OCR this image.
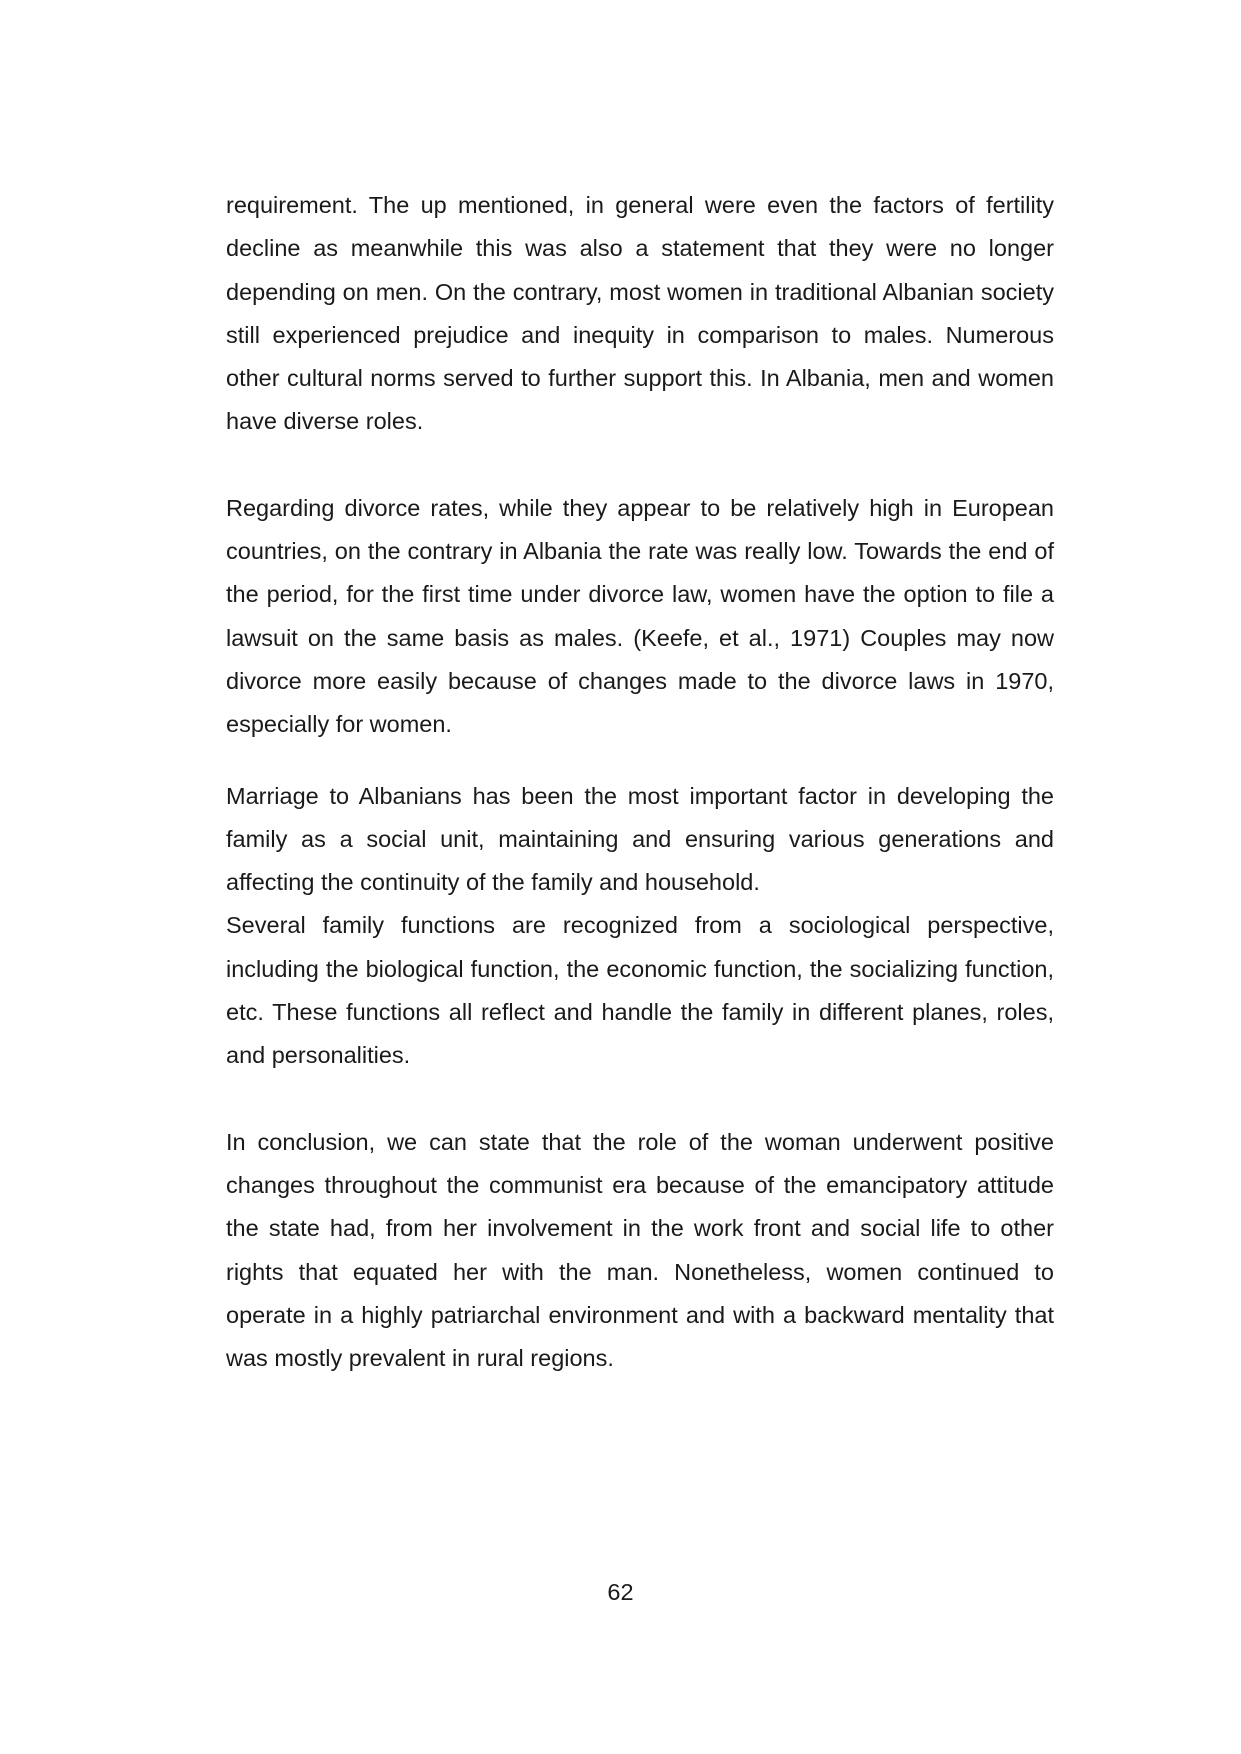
requirement. The up mentioned, in general were even the factors of fertility decline as meanwhile this was also a statement that they were no longer depending on men. On the contrary, most women in traditional Albanian society still experienced prejudice and inequity in comparison to males. Numerous other cultural norms served to further support this. In Albania, men and women have diverse roles.

Regarding divorce rates, while they appear to be relatively high in European countries, on the contrary in Albania the rate was really low. Towards the end of the period, for the first time under divorce law, women have the option to file a lawsuit on the same basis as males. (Keefe, et al., 1971) Couples may now divorce more easily because of changes made to the divorce laws in 1970, especially for women.

Marriage to Albanians has been the most important factor in developing the family as a social unit, maintaining and ensuring various generations and affecting the continuity of the family and household.

Several family functions are recognized from a sociological perspective, including the biological function, the economic function, the socializing function, etc. These functions all reflect and handle the family in different planes, roles, and personalities.

In conclusion, we can state that the role of the woman underwent positive changes throughout the communist era because of the emancipatory attitude the state had, from her involvement in the work front and social life to other rights that equated her with the man. Nonetheless, women continued to operate in a highly patriarchal environment and with a backward mentality that was mostly prevalent in rural regions.

62
